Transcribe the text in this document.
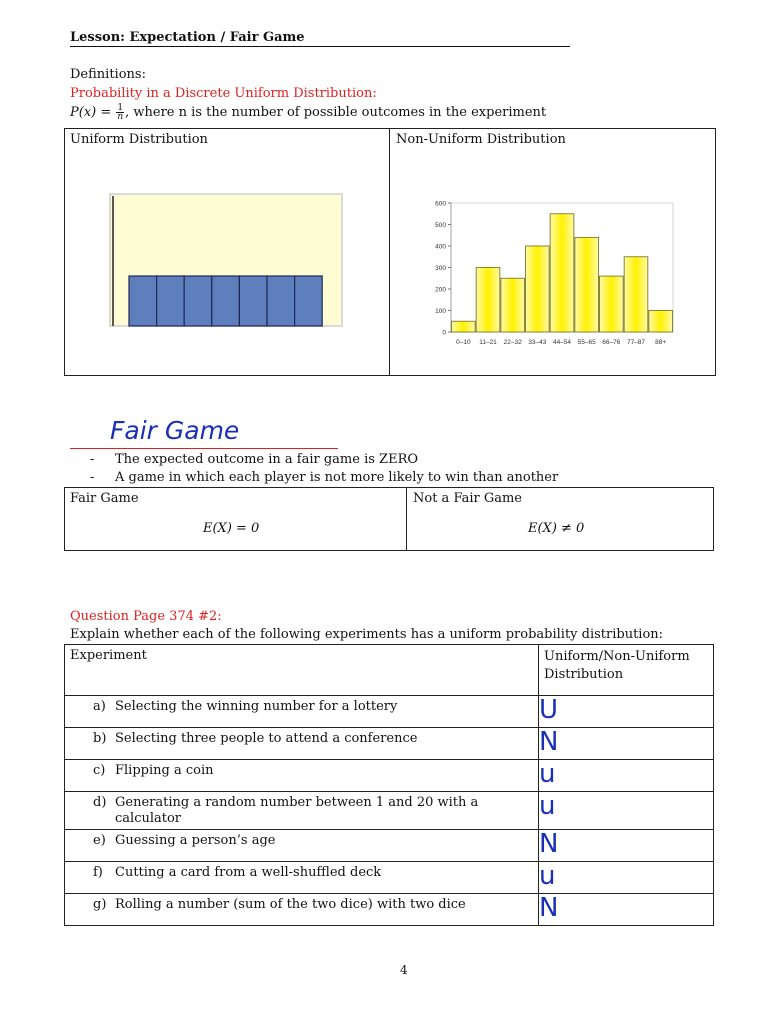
Lesson: Expectation / Fair Game
Definitions:
Probability in a Discrete Uniform Distribution:
$P(x) = \frac{1}{n}$ , where n is the number of possible outcomes in the experiment
Uniform Distribution	Non-Uniform Distribution
0
100
200
300
400
500
600
0–10 11–21 22–32 33–43 44–54 55–65 66–76 77–87 88+
Fair Game
-	The expected outcome in a fair game is ZERO
-	A game in which each player is not more likely to win than another
Fair Game	Not a Fair Game
E(X) = 0	E(X) ≠ 0
Question Page 374 #2:
Explain whether each of the following experiments has a uniform probability distribution:
Experiment	Uniform/Non-Uniform Distribution

a) Selecting the winning number for a lottery	U

b) Selecting three people to attend a conference	N

c) Flipping a coin	u

d) Generating a random number between 1 and 20 with a calculator	u

e) Guessing a person’s age	N

f) Cutting a card from a well-shuffled deck	u

g) Rolling a number (sum of the two dice) with two dice	N
4
